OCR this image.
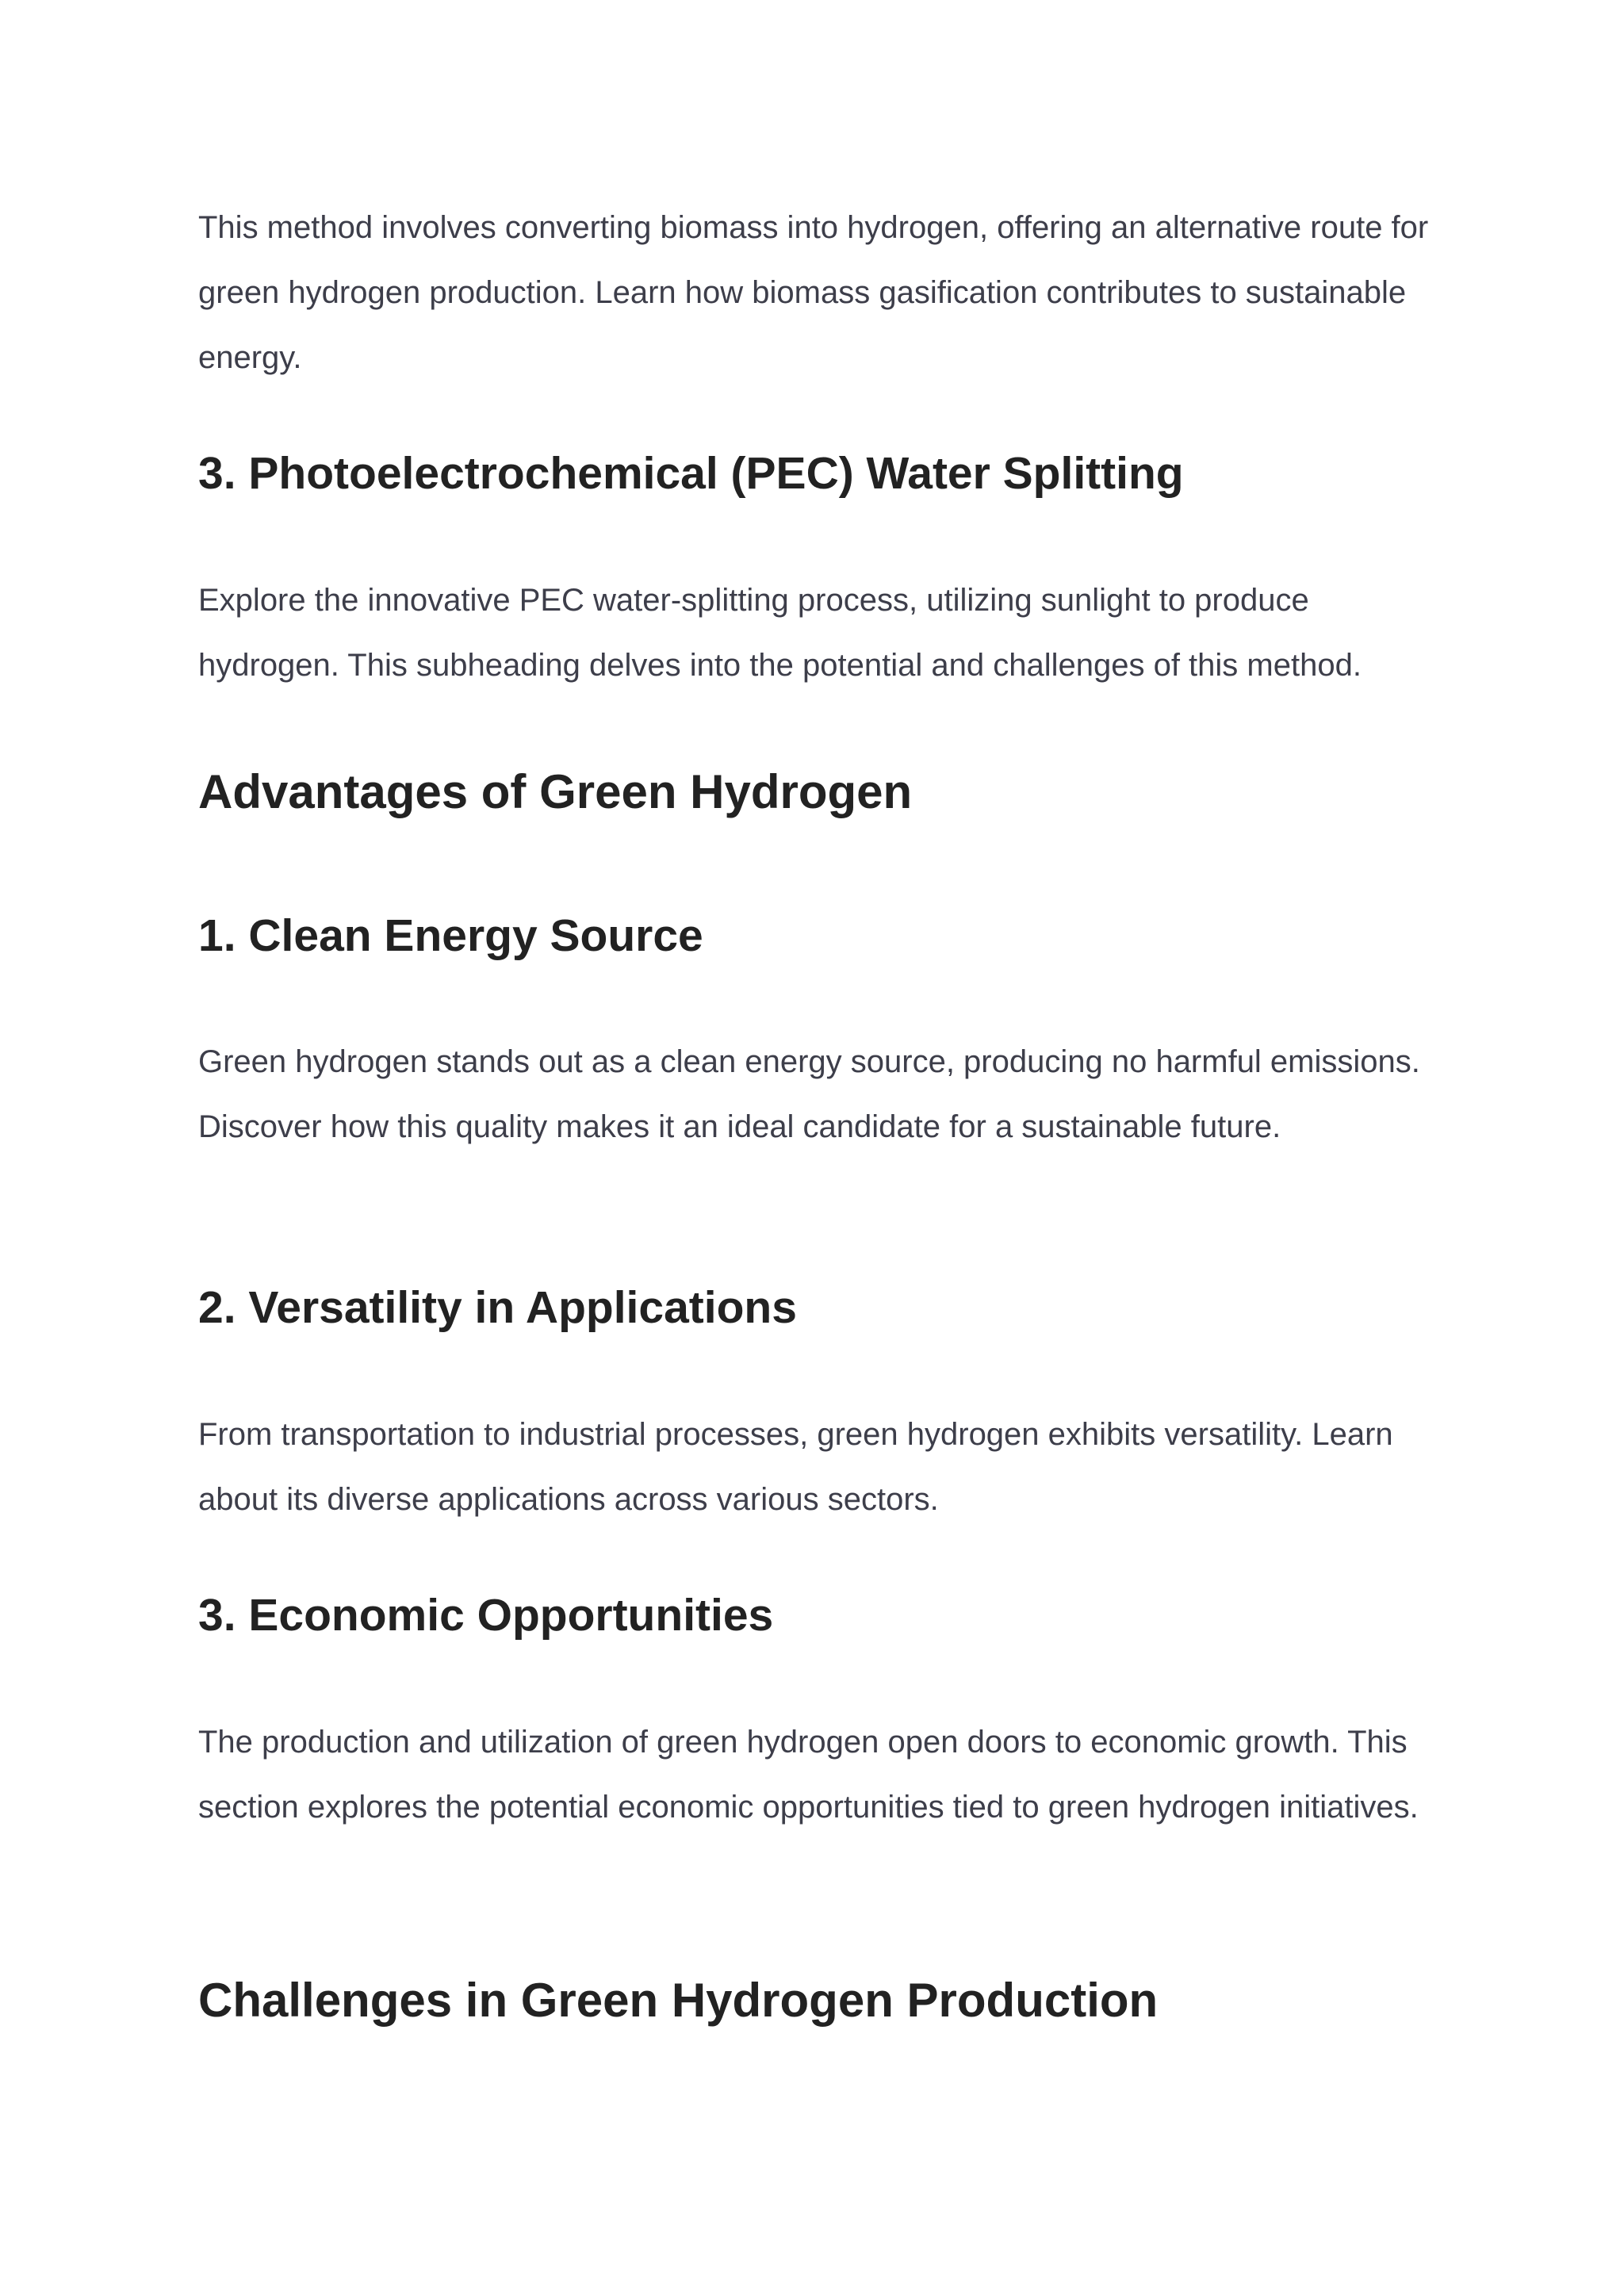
This method involves converting biomass into hydrogen, offering an alternative route for green hydrogen production. Learn how biomass gasification contributes to sustainable energy.

3. Photoelectrochemical (PEC) Water Splitting

Explore the innovative PEC water-splitting process, utilizing sunlight to produce hydrogen. This subheading delves into the potential and challenges of this method.

Advantages of Green Hydrogen
1. Clean Energy Source

Green hydrogen stands out as a clean energy source, producing no harmful emissions. Discover how this quality makes it an ideal candidate for a sustainable future.

2. Versatility in Applications

From transportation to industrial processes, green hydrogen exhibits versatility. Learn about its diverse applications across various sectors.

3. Economic Opportunities

The production and utilization of green hydrogen open doors to economic growth. This section explores the potential economic opportunities tied to green hydrogen initiatives.

Challenges in Green Hydrogen Production
